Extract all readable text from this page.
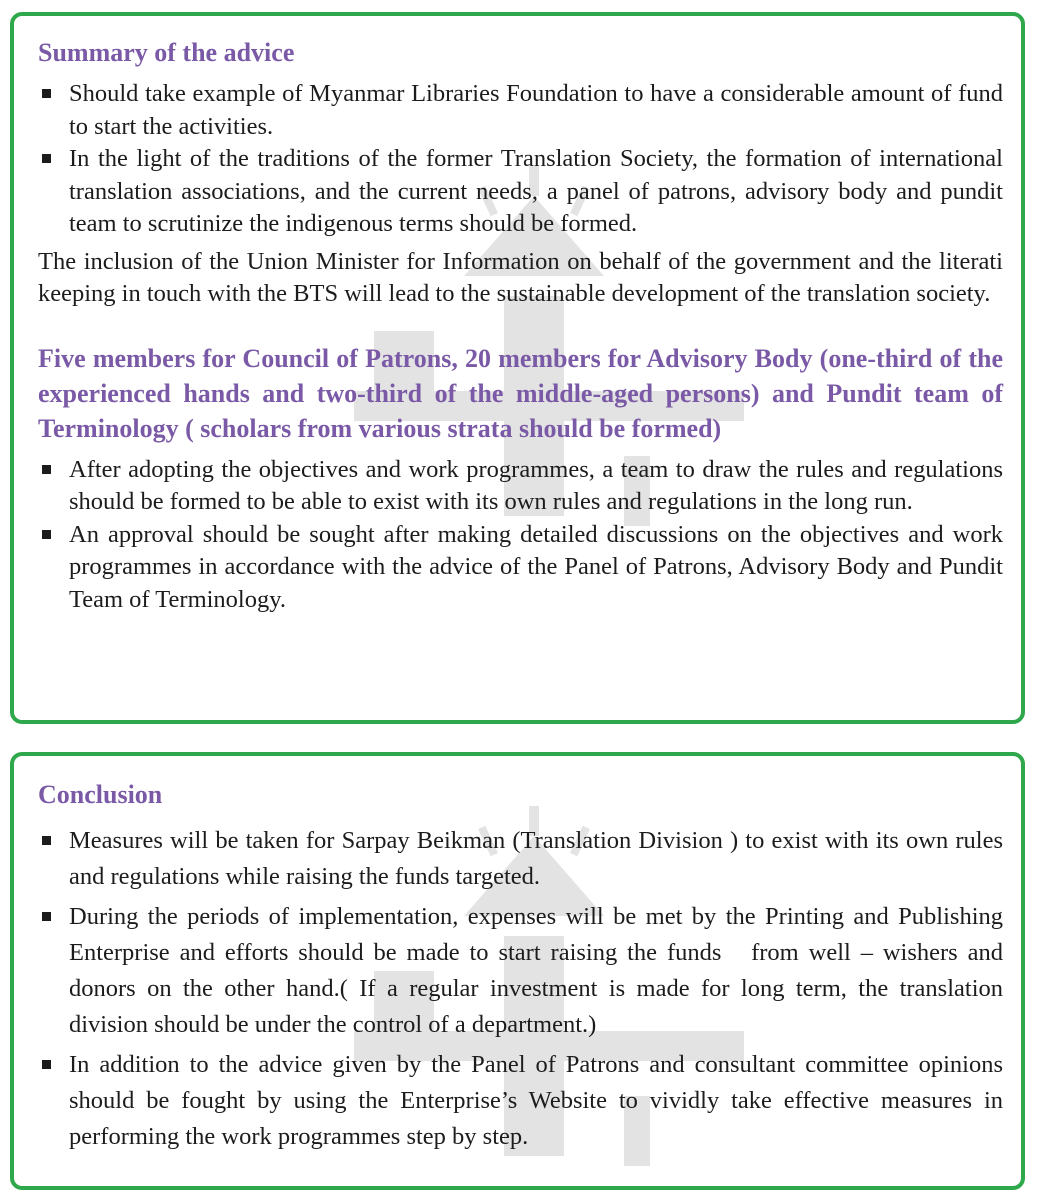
Summary of the advice
Should take example of Myanmar Libraries Foundation to have a considerable amount of fund to start the activities.
In the light of the traditions of the former Translation Society, the formation of international translation associations, and the current needs, a panel of patrons, advisory body and pundit team to scrutinize the indigenous terms should be formed.

The inclusion of the Union Minister for Information on behalf of the government and the literati keeping in touch with the BTS will lead to the sustainable development of the translation society.

Five members for Council of Patrons, 20 members for Advisory Body (one-third of the experienced hands and two-third of the middle-aged persons) and Pundit team of Terminology ( scholars from various strata should be formed)
After adopting the objectives and work programmes, a team to draw the rules and regulations should be formed to be able to exist with its own rules and regulations in the long run.
An approval should be sought after making detailed discussions on the objectives and work programmes in accordance with the advice of the Panel of Patrons, Advisory Body and Pundit Team of Terminology.
Conclusion
Measures will be taken for Sarpay Beikman (Translation Division ) to exist with its own rules and regulations while raising the funds targeted.
During the periods of implementation, expenses will be met by the Printing and Publishing Enterprise and efforts should be made to start raising the funds   from well – wishers and donors on the other hand.( If a regular investment is made for long term, the translation division should be under the control of a department.)
In addition to the advice given by the Panel of Patrons and consultant committee opinions should be fought by using the Enterprise’s Website to vividly take effective measures in performing the work programmes step by step.
